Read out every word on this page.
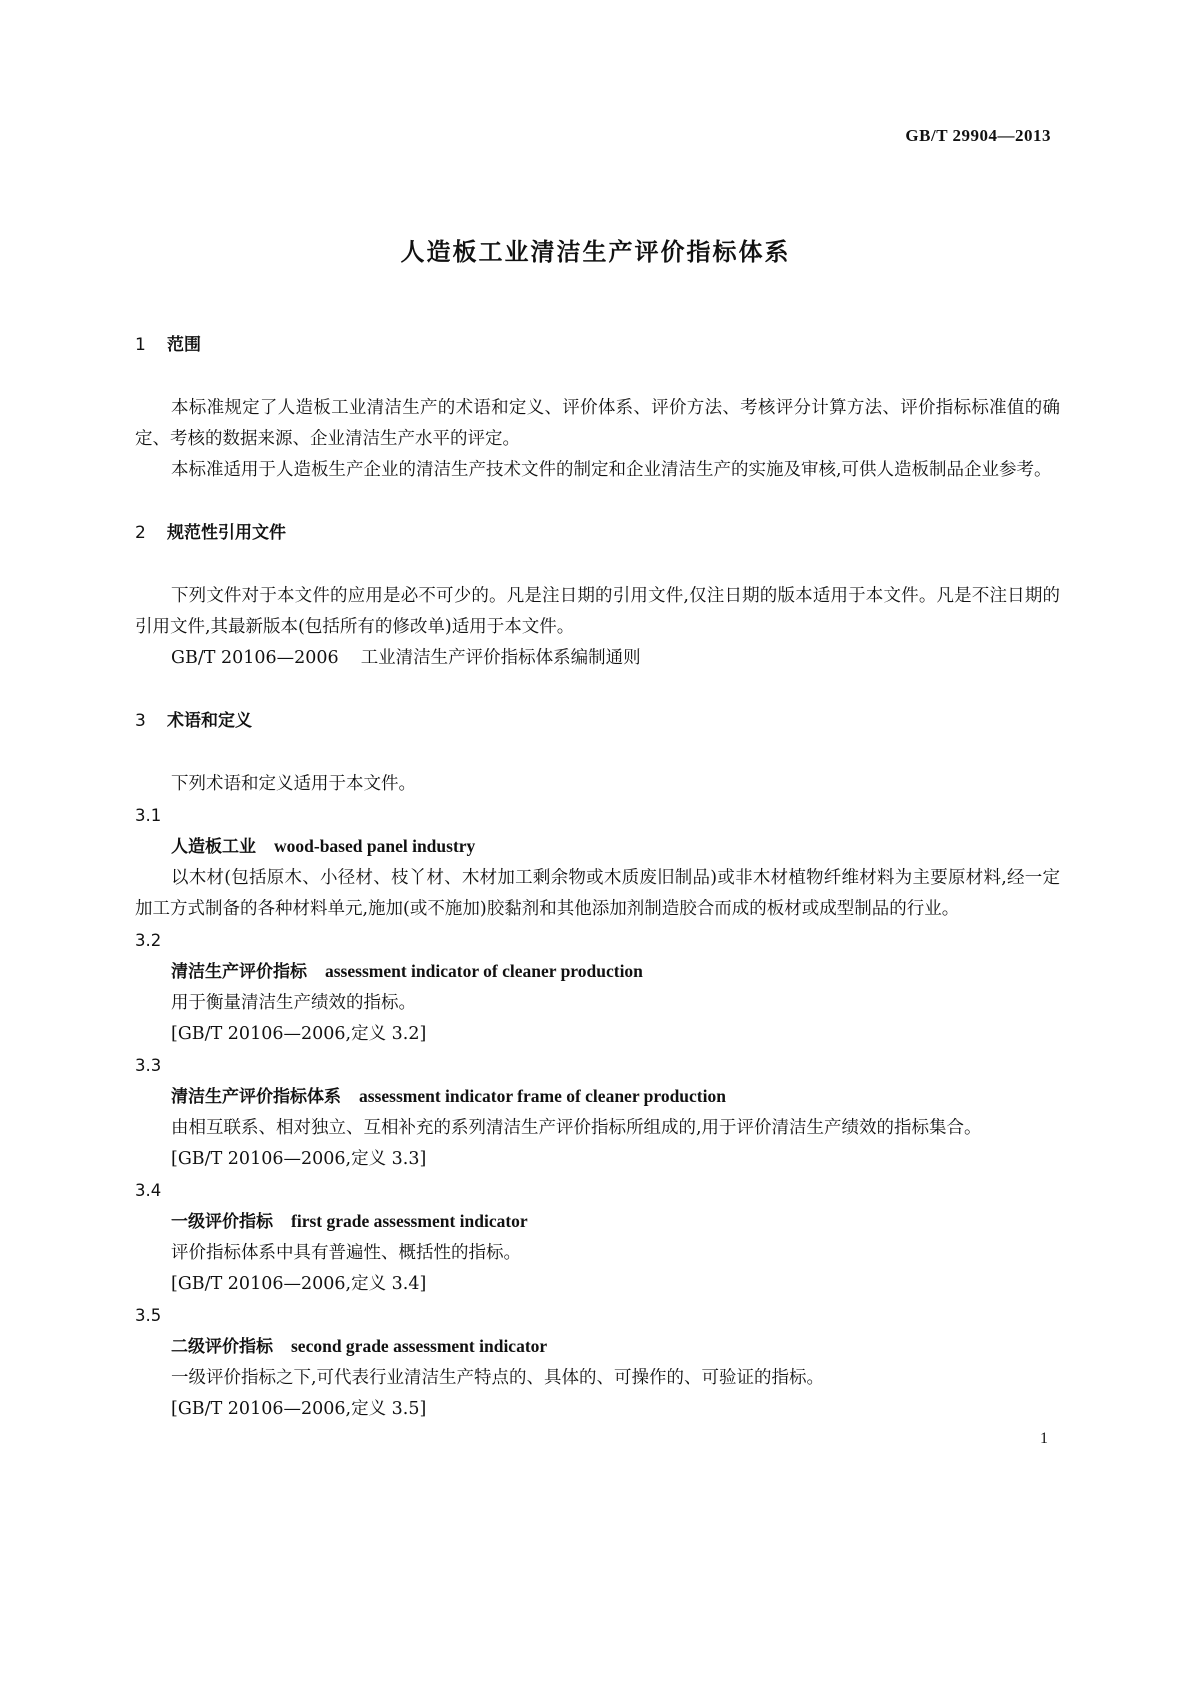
GB/T 29904—2013
人造板工业清洁生产评价指标体系
1 范围

本标准规定了人造板工业清洁生产的术语和定义、评价体系、评价方法、考核评分计算方法、评价指标标准值的确定、考核的数据来源、企业清洁生产水平的评定。

本标准适用于人造板生产企业的清洁生产技术文件的制定和企业清洁生产的实施及审核,可供人造板制品企业参考。

2 规范性引用文件

下列文件对于本文件的应用是必不可少的。凡是注日期的引用文件,仅注日期的版本适用于本文件。凡是不注日期的引用文件,其最新版本(包括所有的修改单)适用于本文件。

GB/T 20106—2006 工业清洁生产评价指标体系编制通则

3 术语和定义

下列术语和定义适用于本文件。

3.1

人造板工业 wood-based panel industry

以木材(包括原木、小径材、枝丫材、木材加工剩余物或木质废旧制品)或非木材植物纤维材料为主要原材料,经一定加工方式制备的各种材料单元,施加(或不施加)胶黏剂和其他添加剂制造胶合而成的板材或成型制品的行业。

3.2

清洁生产评价指标 assessment indicator of cleaner production

用于衡量清洁生产绩效的指标。

[GB/T 20106—2006,定义 3.2]

3.3

清洁生产评价指标体系 assessment indicator frame of cleaner production

由相互联系、相对独立、互相补充的系列清洁生产评价指标所组成的,用于评价清洁生产绩效的指标集合。

[GB/T 20106—2006,定义 3.3]

3.4

一级评价指标 first grade assessment indicator

评价指标体系中具有普遍性、概括性的指标。

[GB/T 20106—2006,定义 3.4]

3.5

二级评价指标 second grade assessment indicator

一级评价指标之下,可代表行业清洁生产特点的、具体的、可操作的、可验证的指标。

[GB/T 20106—2006,定义 3.5]

1
